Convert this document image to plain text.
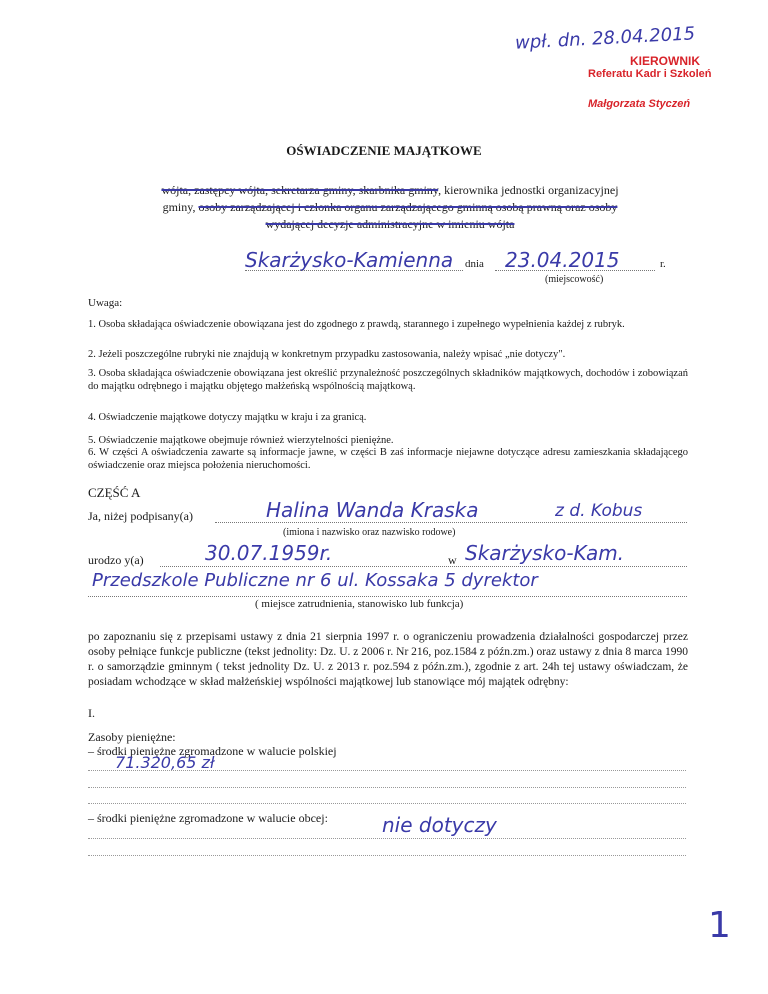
wpł. dn. 28.04.2015
KIEROWNIK
Referatu Kadr i Szkoleń
Małgorzata Styczeń
OŚWIADCZENIE MAJĄTKOWE
wójta, zastępcy wójta, sekretarza gminy, skarbnika gminy, kierownika jednostki organizacyjnej
gminy, osoby zarządzającej i członka organu zarządzającego gminną osobą prawną oraz osoby
wydającej decyzje administracyjne w imieniu wójta
Skarżysko-Kamienna dnia 23.04.2015	r.
(miejscowość)
Uwaga:

1. Osoba składająca oświadczenie obowiązana jest do zgodnego z prawdą, starannego i zupełnego wypełnienia każdej z rubryk.

2. Jeżeli poszczególne rubryki nie znajdują w konkretnym przypadku zastosowania, należy wpisać „nie dotyczy".

3. Osoba składająca oświadczenie obowiązana jest określić przynależność poszczególnych składników majątkowych, dochodów i zobowiązań do majątku odrębnego i majątku objętego małżeńską wspólnością majątkową.

4. Oświadczenie majątkowe dotyczy majątku w kraju i za granicą.

5. Oświadczenie majątkowe obejmuje również wierzytelności pieniężne.

6. W części A oświadczenia zawarte są informacje jawne, w części B zaś informacje niejawne dotyczące adresu zamieszkania składającego oświadczenie oraz miejsca położenia nieruchomości.

CZĘŚĆ A
Ja, niżej podpisany(a)	Halina Wanda Kraska	z d. Kobus
(imiona i nazwisko oraz nazwisko rodowe)
urodzo y(a)	30.07.1959r.	w Skarżysko-Kam.
Przedszkole Publiczne nr 6 ul. Kossaka 5 dyrektor
( miejsce zatrudnienia, stanowisko lub funkcja)

po zapoznaniu się z przepisami ustawy z dnia 21 sierpnia 1997 r. o ograniczeniu prowadzenia działalności gospodarczej przez osoby pełniące funkcje publiczne (tekst jednolity: Dz. U. z 2006 r. Nr 216, poz.1584 z późn.zm.) oraz ustawy z dnia 8 marca 1990 r. o samorządzie gminnym ( tekst jednolity Dz. U. z 2013 r. poz.594 z późn.zm.), zgodnie z art. 24h tej ustawy oświadczam, że posiadam wchodzące w skład małżeńskiej wspólności majątkowej lub stanowiące mój majątek odrębny:

I.
Zasoby pieniężne:
– środki pieniężne zgromadzone w walucie polskiej
71.320,65 zł
– środki pieniężne zgromadzone w walucie obcej:	nie dotyczy
1
